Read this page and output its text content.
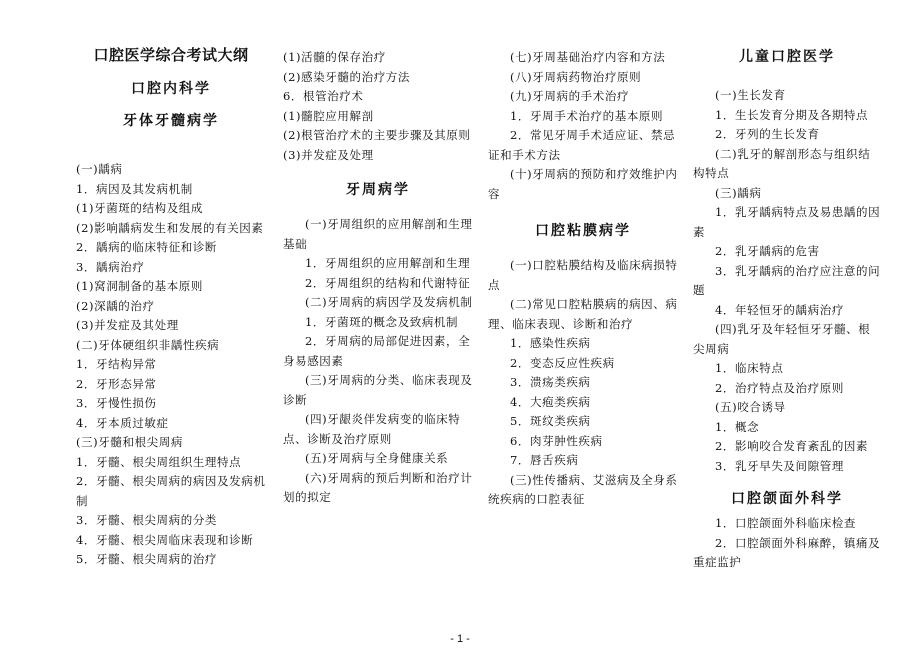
口腔医学综合考试大纲
口腔内科学
牙体牙髓病学
(一)龋病
1．病因及其发病机制
(1)牙菌斑的结构及组成
(2)影响龋病发生和发展的有关因素
2．龋病的临床特征和诊断
3．龋病治疗
(1)窝洞制备的基本原则
(2)深龋的治疗
(3)并发症及其处理
(二)牙体硬组织非龋性疾病
1．牙结构异常
2．牙形态异常
3．牙慢性损伤
4．牙本质过敏症
(三)牙髓和根尖周病
1．牙髓、根尖周组织生理特点
2．牙髓、根尖周病的病因及发病机制
3．牙髓、根尖周病的分类
4．牙髓、根尖周临床表现和诊断
5．牙髓、根尖周病的治疗
(1)活髓的保存治疗
(2)感染牙髓的治疗方法
6．根管治疗术
(1)髓腔应用解剖
(2)根管治疗术的主要步骤及其原则
(3)并发症及处理
牙周病学
(一)牙周组织的应用解剖和生理基础
1．牙周组织的应用解剖和生理
2．牙周组织的结构和代谢特征
(二)牙周病的病因学及发病机制
1．牙菌斑的概念及致病机制
2．牙周病的局部促进因素，全身易感因素
(三)牙周病的分类、临床表现及诊断
(四)牙龈炎伴发病变的临床特点、诊断及治疗原则
(五)牙周病与全身健康关系
(六)牙周病的预后判断和治疗计划的拟定
(七)牙周基础治疗内容和方法
(八)牙周病药物治疗原则
(九)牙周病的手术治疗
1．牙周手术治疗的基本原则
2．常见牙周手术适应证、禁忌证和手术方法
(十)牙周病的预防和疗效维护内容
口腔粘膜病学
(一)口腔粘膜结构及临床病损特点
(二)常见口腔粘膜病的病因、病理、临床表现、诊断和治疗
1．感染性疾病
2．变态反应性疾病
3．溃疡类疾病
4．大疱类疾病
5．斑纹类疾病
6．肉芽肿性疾病
7．唇舌疾病
(三)性传播病、艾滋病及全身系统疾病的口腔表征
儿童口腔医学
(一)生长发育
1．生长发育分期及各期特点
2．牙列的生长发育
(二)乳牙的解剖形态与组织结构特点
(三)龋病
1．乳牙龋病特点及易患龋的因素
2．乳牙龋病的危害
3．乳牙龋病的治疗应注意的问题
4．年轻恒牙的龋病治疗
(四)乳牙及年轻恒牙牙髓、根尖周病
1．临床特点
2．治疗特点及治疗原则
(五)咬合诱导
1．概念
2．影响咬合发育紊乱的因素
3．乳牙早失及间隙管理
口腔颌面外科学
1．口腔颌面外科临床检查
2．口腔颌面外科麻醉，镇痛及重症监护
- 1 -
